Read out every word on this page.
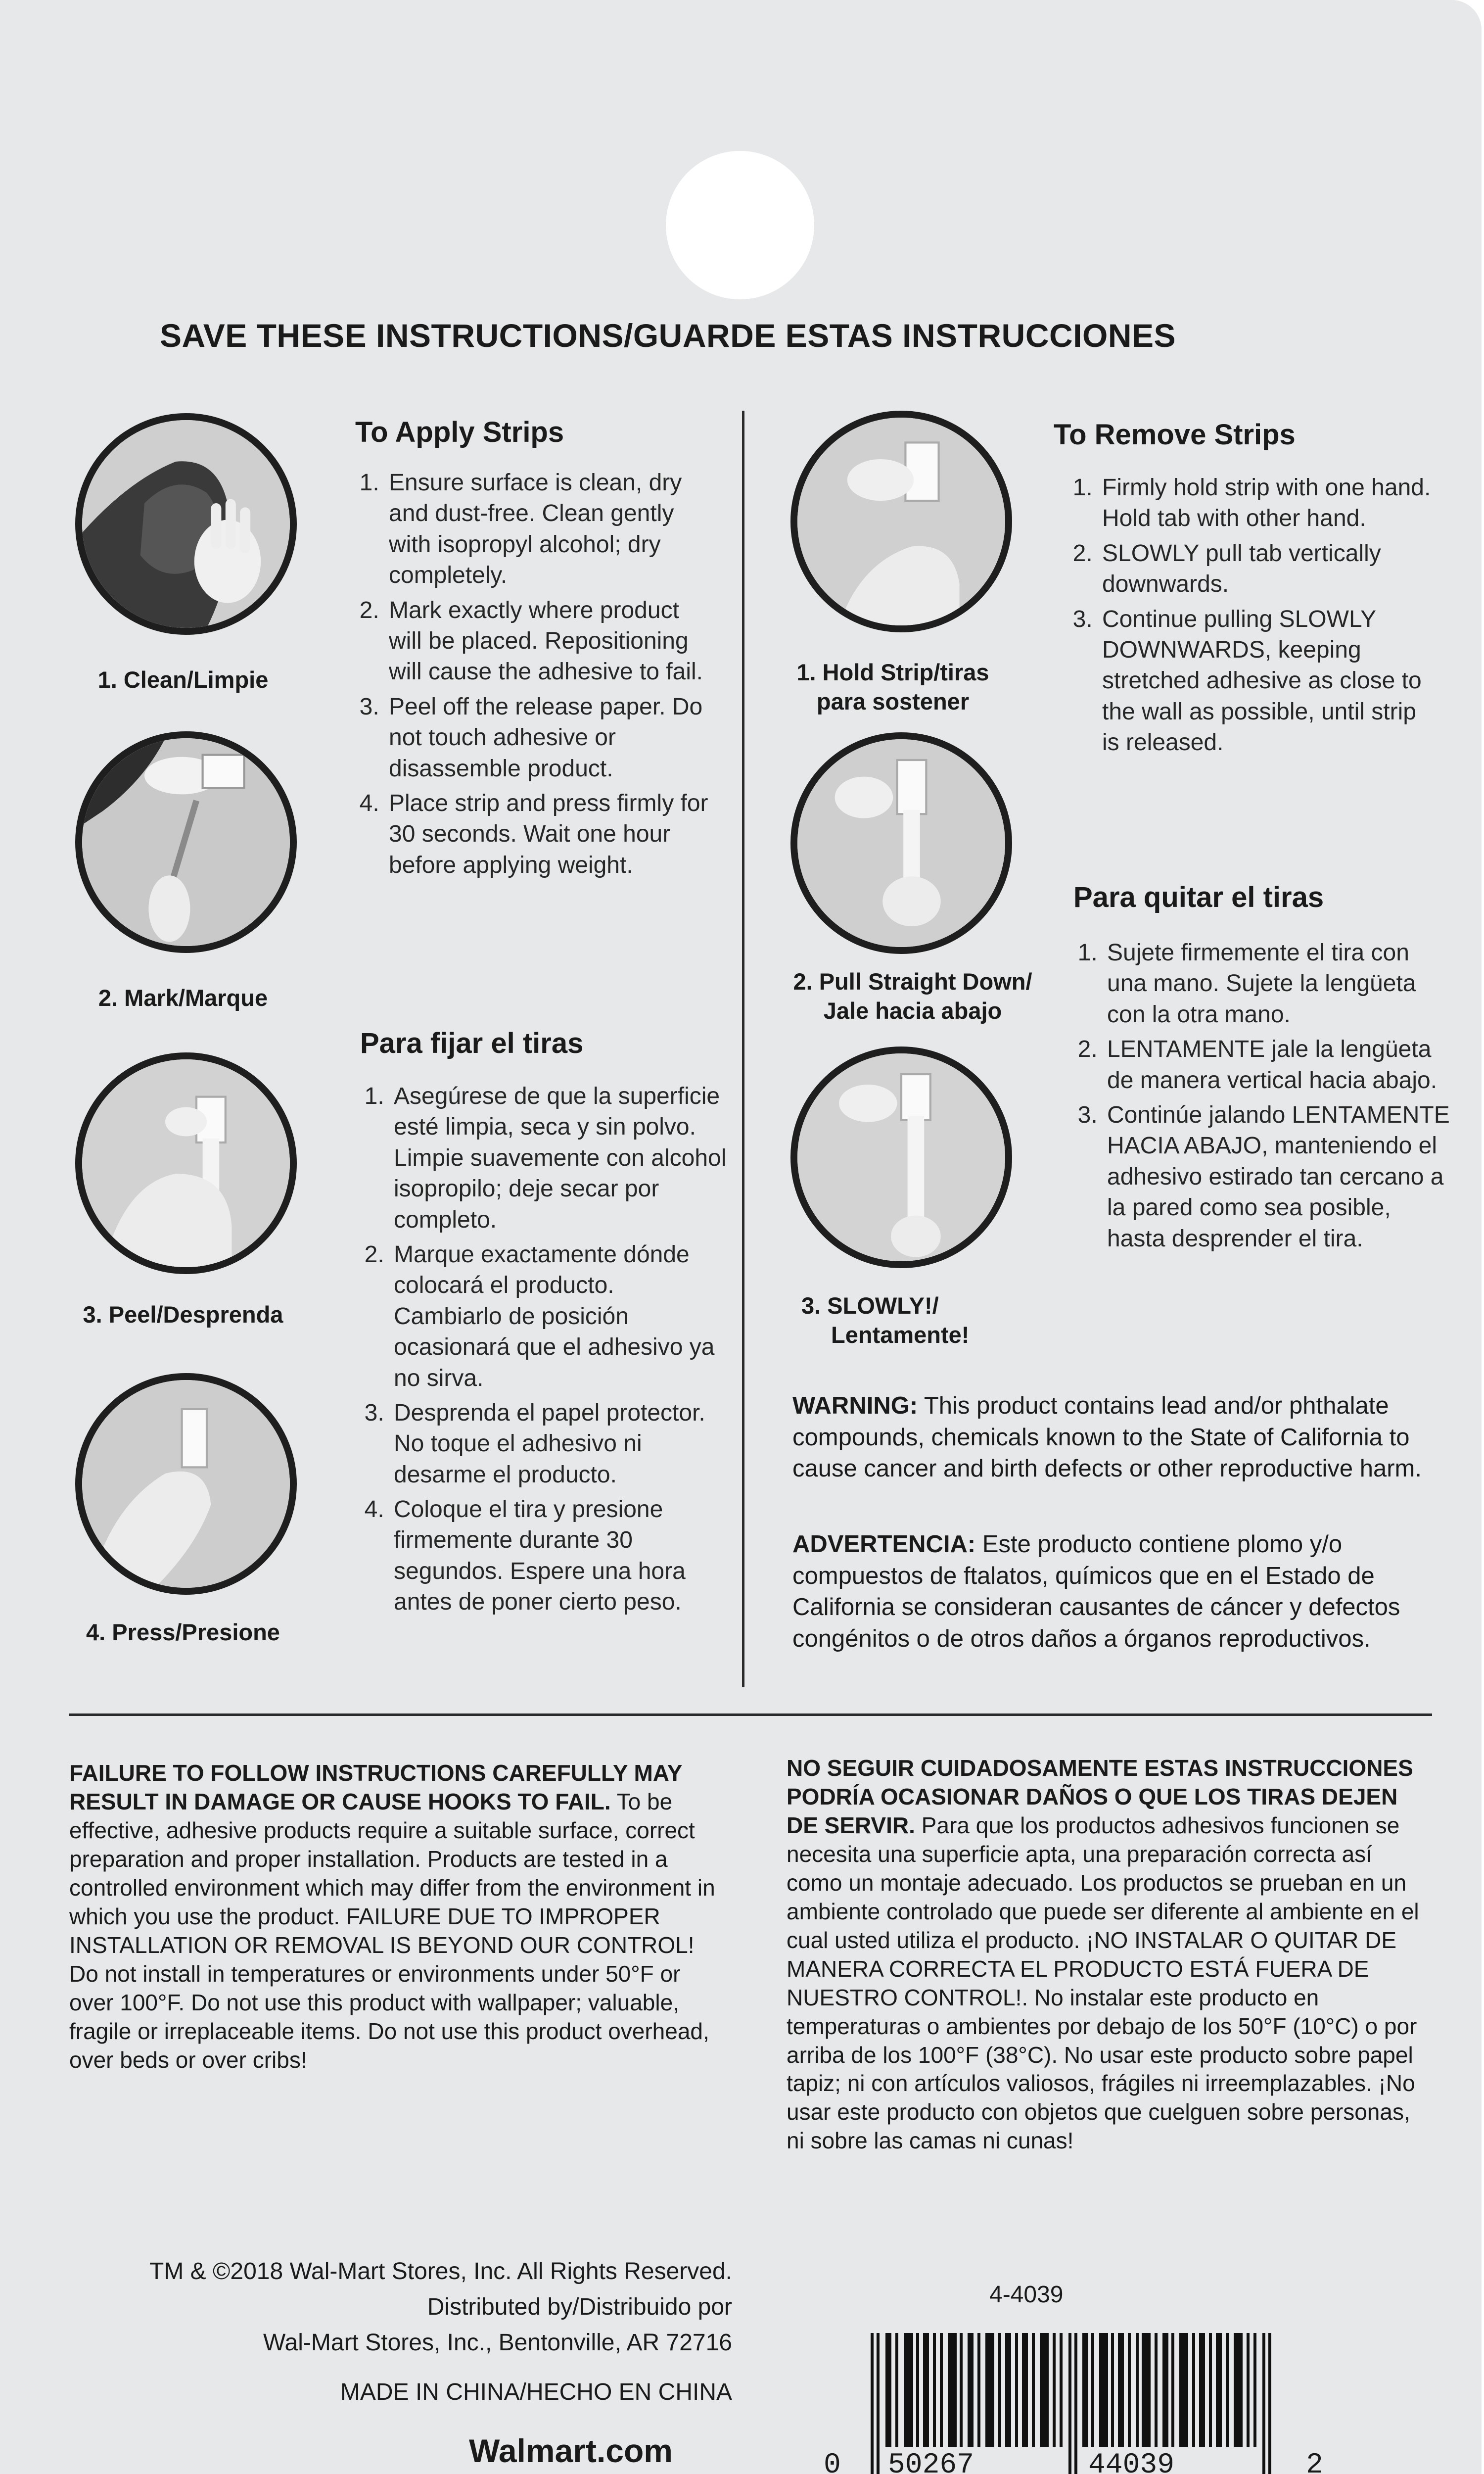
SAVE THESE INSTRUCTIONS/GUARDE ESTAS INSTRUCCIONES
1. Clean/Limpie
2. Mark/Marque
3. Peel/Desprenda
4. Press/Presione
To Apply Strips
1. Ensure surface is clean, dry and dust-free. Clean gently with isopropyl alcohol; dry completely.
2. Mark exactly where product will be placed. Repositioning will cause the adhesive to fail.
3. Peel off the release paper. Do not touch adhesive or disassemble product.
4. Place strip and press firmly for 30 seconds. Wait one hour before applying weight.
Para fijar el tiras
1. Asegúrese de que la superficie esté limpia, seca y sin polvo. Limpie suavemente con alcohol isopropilo; deje secar por completo.
2. Marque exactamente dónde colocará el producto. Cambiarlo de posición ocasionará que el adhesivo ya no sirva.
3. Desprenda el papel protector. No toque el adhesivo ni desarme el producto.
4. Coloque el tira y presione firmemente durante 30 segundos. Espere una hora antes de poner cierto peso.
1. Hold Strip/tiras
para sostener
2. Pull Straight Down/
Jale hacia abajo
3. SLOWLY!/
Lentamente!
To Remove Strips
1. Firmly hold strip with one hand. Hold tab with other hand.
2. SLOWLY pull tab vertically downwards.
3. Continue pulling SLOWLY DOWNWARDS, keeping stretched adhesive as close to the wall as possible, until strip is released.
Para quitar el tiras
1. Sujete firmemente el tira con una mano. Sujete la lengüeta con la otra mano.
2. LENTAMENTE jale la lengüeta de manera vertical hacia abajo.
3. Continúe jalando LENTAMENTE HACIA ABAJO, manteniendo el adhesivo estirado tan cercano a la pared como sea posible, hasta desprender el tira.
WARNING: This product contains lead and/or phthalate compounds, chemicals known to the State of California to cause cancer and birth defects or other reproductive harm.
ADVERTENCIA: Este producto contiene plomo y/o compuestos de ftalatos, químicos que en el Estado de California se consideran causantes de cáncer y defectos congénitos o de otros daños a órganos reproductivos.
FAILURE TO FOLLOW INSTRUCTIONS CAREFULLY MAY RESULT IN DAMAGE OR CAUSE HOOKS TO FAIL. To be effective, adhesive products require a suitable surface, correct preparation and proper installation. Products are tested in a controlled environment which may differ from the environment in which you use the product. FAILURE DUE TO IMPROPER INSTALLATION OR REMOVAL IS BEYOND OUR CONTROL! Do not install in temperatures or environments under 50°F or over 100°F. Do not use this product with wallpaper; valuable, fragile or irreplaceable items. Do not use this product overhead, over beds or over cribs!
NO SEGUIR CUIDADOSAMENTE ESTAS INSTRUCCIONES PODRÍA OCASIONAR DAÑOS O QUE LOS TIRAS DEJEN DE SERVIR. Para que los productos adhesivos funcionen se necesita una superficie apta, una preparación correcta así como un montaje adecuado. Los productos se prueban en un ambiente controlado que puede ser diferente al ambiente en el cual usted utiliza el producto. ¡NO INSTALAR O QUITAR DE MANERA CORRECTA EL PRODUCTO ESTÁ FUERA DE NUESTRO CONTROL!. No instalar este producto en temperaturas o ambientes por debajo de los 50°F (10°C) o por arriba de los 100°F (38°C). No usar este producto sobre papel tapiz; ni con artículos valiosos, frágiles ni irreemplazables. ¡No usar este producto con objetos que cuelguen sobre personas, ni sobre las camas ni cunas!
TM & ©2018 Wal-Mart Stores, Inc. All Rights Reserved.
Distributed by/Distribuido por
Wal-Mart Stores, Inc., Bentonville, AR 72716
MADE IN CHINA/HECHO EN CHINA
Walmart.com
4-4039
0 50267	44039	2
